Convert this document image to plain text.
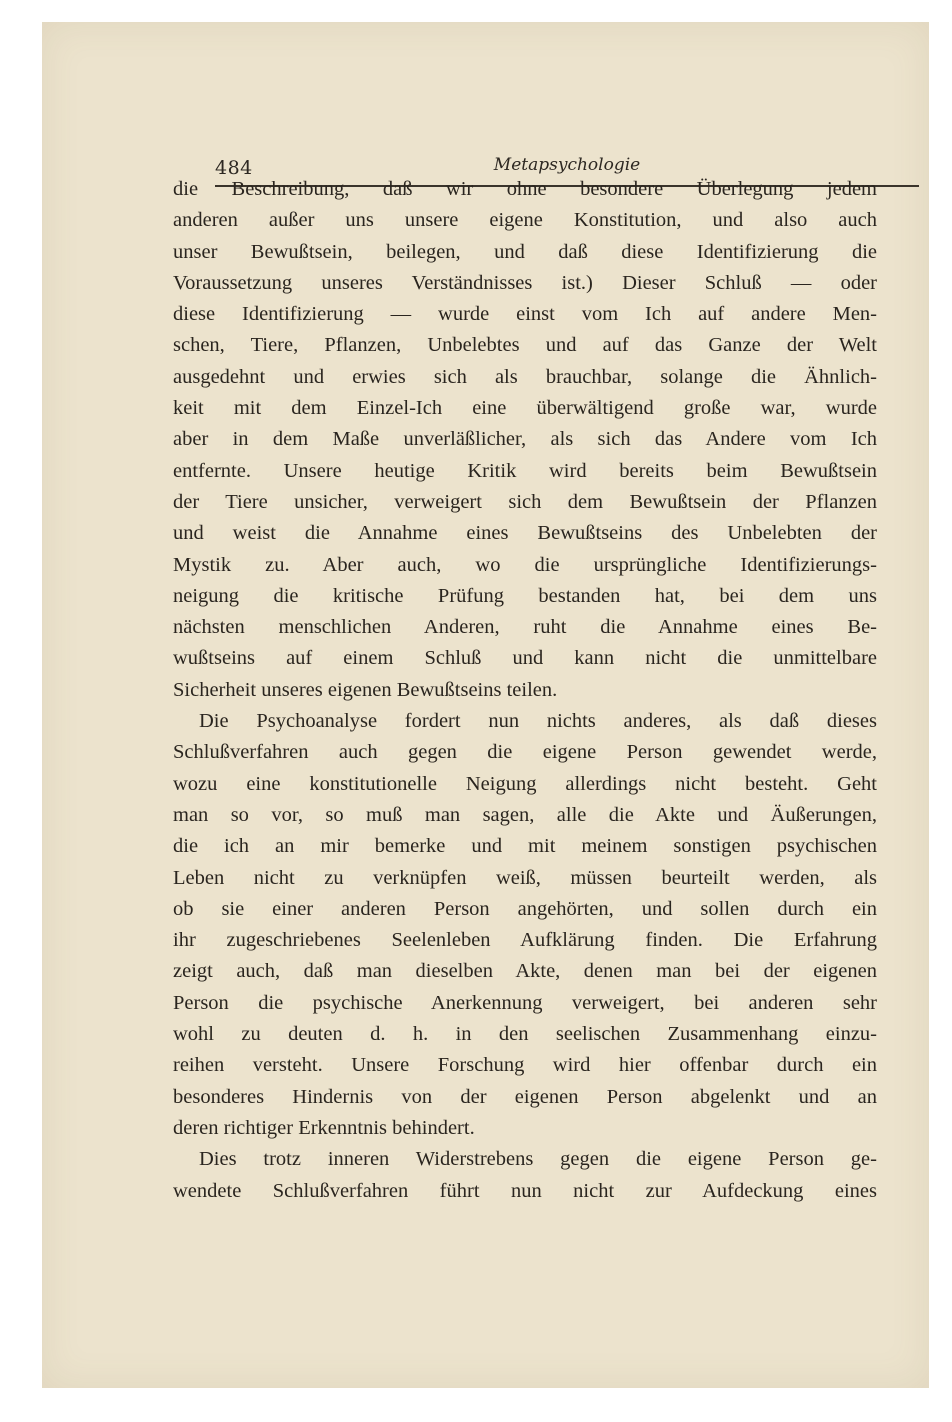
484	Metapsychologie

die Beschreibung, daß wir ohne besondere Überlegung jedem
anderen außer uns unsere eigene Konstitution, und also auch
unser Bewußtsein, beilegen, und daß diese Identifizierung die
Voraussetzung unseres Verständnisses ist.) Dieser Schluß — oder
diese Identifizierung — wurde einst vom Ich auf andere Men-
schen, Tiere, Pflanzen, Unbelebtes und auf das Ganze der Welt
ausgedehnt und erwies sich als brauchbar, solange die Ähnlich-
keit mit dem Einzel-Ich eine überwältigend große war, wurde
aber in dem Maße unverläßlicher, als sich das Andere vom Ich
entfernte. Unsere heutige Kritik wird bereits beim Bewußtsein
der Tiere unsicher, verweigert sich dem Bewußtsein der Pflanzen
und weist die Annahme eines Bewußtseins des Unbelebten der
Mystik zu. Aber auch, wo die ursprüngliche Identifizierungs-
neigung die kritische Prüfung bestanden hat, bei dem uns
nächsten menschlichen Anderen, ruht die Annahme eines Be-
wußtseins auf einem Schluß und kann nicht die unmittelbare
Sicherheit unseres eigenen Bewußtseins teilen.

Die Psychoanalyse fordert nun nichts anderes, als daß dieses
Schlußverfahren auch gegen die eigene Person gewendet werde,
wozu eine konstitutionelle Neigung allerdings nicht besteht. Geht
man so vor, so muß man sagen, alle die Akte und Äußerungen,
die ich an mir bemerke und mit meinem sonstigen psychischen
Leben nicht zu verknüpfen weiß, müssen beurteilt werden, als
ob sie einer anderen Person angehörten, und sollen durch ein
ihr zugeschriebenes Seelenleben Aufklärung finden. Die Erfahrung
zeigt auch, daß man dieselben Akte, denen man bei der eigenen
Person die psychische Anerkennung verweigert, bei anderen sehr
wohl zu deuten d. h. in den seelischen Zusammenhang einzu-
reihen versteht. Unsere Forschung wird hier offenbar durch ein
besonderes Hindernis von der eigenen Person abgelenkt und an
deren richtiger Erkenntnis behindert.

Dies trotz inneren Widerstrebens gegen die eigene Person ge-
wendete Schlußverfahren führt nun nicht zur Aufdeckung eines
